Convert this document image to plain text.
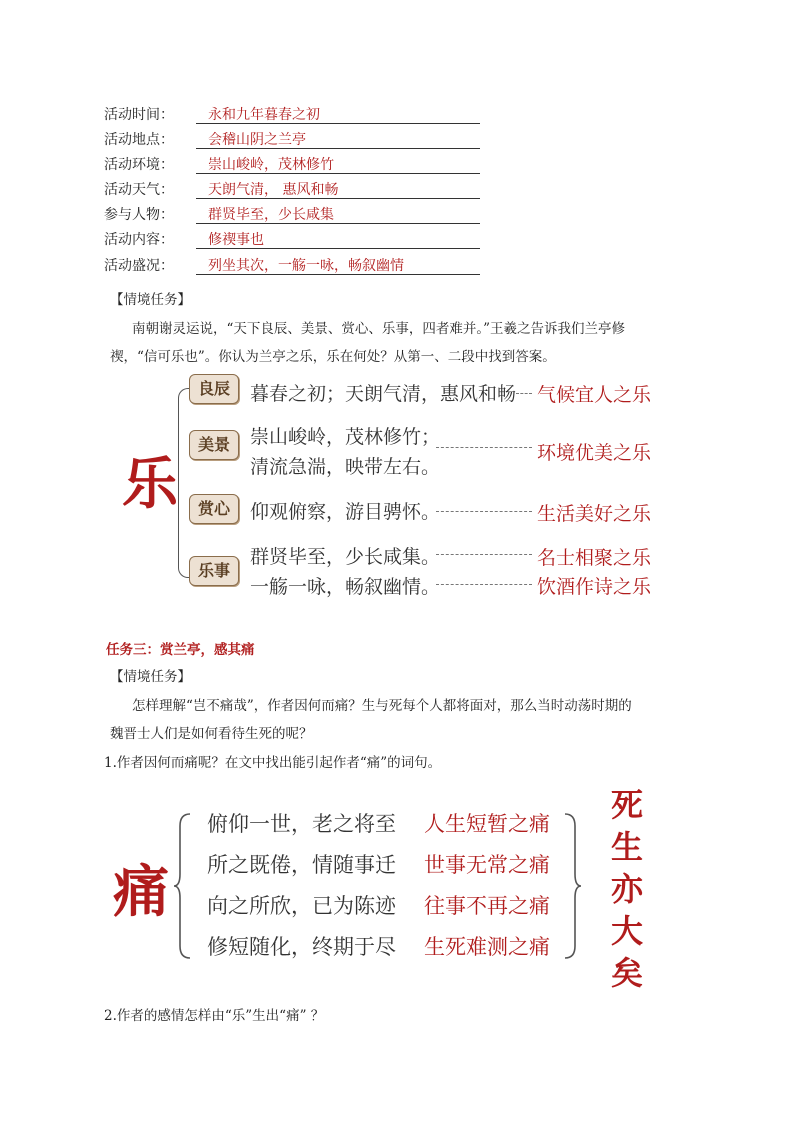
活动时间： 永和九年暮春之初
活动地点： 会稽山阴之兰亭
活动环境： 崇山峻岭，茂林修竹
活动天气： 天朗气清， 惠风和畅
参与人物： 群贤毕至，少长咸集
活动内容： 修禊事也
活动盛况： 列坐其次，一觞一咏，畅叙幽情
【情境任务】
南朝谢灵运说，“天下良辰、美景、赏心、乐事，四者难并。”王羲之告诉我们兰亭修
禊，“信可乐也”。你认为兰亭之乐，乐在何处？从第一、二段中找到答案。
乐
良辰
美景
赏心
乐事
暮春之初；天朗气清，惠风和畅 气候宜人之乐
崇山峻岭，茂林修竹；
清流急湍，映带左右。
环境优美之乐
仰观俯察，游目骋怀。	生活美好之乐
群贤毕至，少长咸集。
一觞一咏，畅叙幽情。
名士相聚之乐
饮酒作诗之乐
任务三：赏兰亭，感其痛
【情境任务】
怎样理解“岂不痛哉”，作者因何而痛？生与死每个人都将面对，那么当时动荡时期的
魏晋士人们是如何看待生死的呢？
1.作者因何而痛呢？在文中找出能引起作者“痛”的词句。
痛
俯仰一世，老之将至 人生短暂之痛
所之既倦，情随事迁 世事无常之痛
向之所欣，已为陈迹 往事不再之痛
修短随化，终期于尽 生死难测之痛
死
生
亦
大
矣
2.作者的感情怎样由“乐”生出“痛” ？
